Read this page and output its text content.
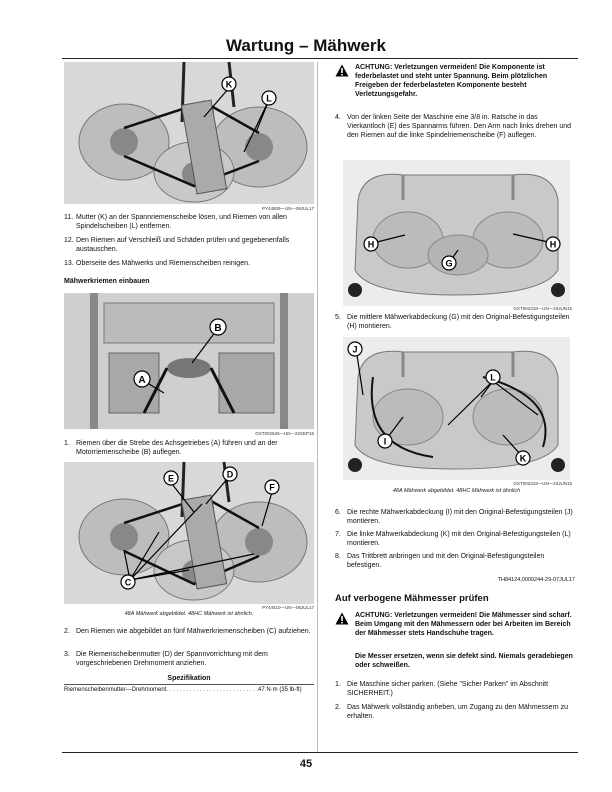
Wartung – Mähwerk
K
L
PY44509—UN—06JUL17
11. Mutter (K) an der Spannriemenscheibe lösen, und Riemen von allen Spindelscheiben (L) entfernen.
12. Den Riemen auf Verschleiß und Schäden prüfen und gegebenenfalls austauschen.
13. Oberseite des Mähwerks und Riemenscheiben reinigen.
Mähwerkriemen einbauen
B
A
GXT002526—UN—22SEP15
1. Riemen über die Strebe des Achsgetriebes (A) führen und an der Motorriemenscheibe (B) auflegen.
E	D
F
C
PY44510—UN—06JUL17
48A Mähwerk abgebildet. 48HC Mähwerk ist ähnlich.
2. Den Riemen wie abgebildet an fünf Mähwerkriemenscheiben (C) aufziehen.
3. Die Riemenscheibenmutter (D) der Spannvorrichtung mit dem vorgeschriebenen Drehmoment anziehen.
Spezifikation
Riemenscheibenmutter—Drehmoment
. . . . . . . . . . . . . . . . . . . . . . . . . . . . . . 47 N·m (35 lb-ft)
ACHTUNG: Verletzungen vermeiden! Die Komponente ist federbelastet und steht unter Spannung. Beim plötzlichen Freigeben der federbelasteten Komponente besteht Verletzungsgefahr.
4. Von der linken Seite der Maschine eine 3/8 in. Ratsche in das Vierkantloch (E) des Spannarms führen. Den Arm nach links drehen und den Riemen auf die linke Spindelriemenscheibe (F) auflegen.
H	H
G
GXT002318—UN—23JUN15
5. Die mittlere Mähwerkabdeckung (G) mit den Original-Befestigungsteilen (H) montieren.
J
L
I
K
GXT002319—UN—23JUN15
48A Mähwerk abgebildet. 48HC Mähwerk ist ähnlich
6. Die rechte Mähwerkabdeckung (I) mit den Original-Befestigungsteilen (J) montieren.
7. Die linke Mähwerkabdeckung (K) mit den Original-Befestigungsteilen (L) montieren.
8. Das Trittbrett anbringen und mit den Original-Befestigungsteilen befestigen.
TH84124,0000244-29-07JUL17
Auf verbogene Mähmesser prüfen
ACHTUNG: Verletzungen vermeiden! Die Mähmesser sind scharf. Beim Umgang mit den Mähmessern oder bei Arbeiten im Bereich der Mähmesser stets Handschuhe tragen.
Die Messer ersetzen, wenn sie defekt sind. Niemals geradebiegen oder schweißen.
1. Die Maschine sicher parken. (Siehe "Sicher Parken" im Abschnitt SICHERHEIT.)
2. Das Mähwerk vollständig anheben, um Zugang zu den Mähmessern zu erhalten.
45
